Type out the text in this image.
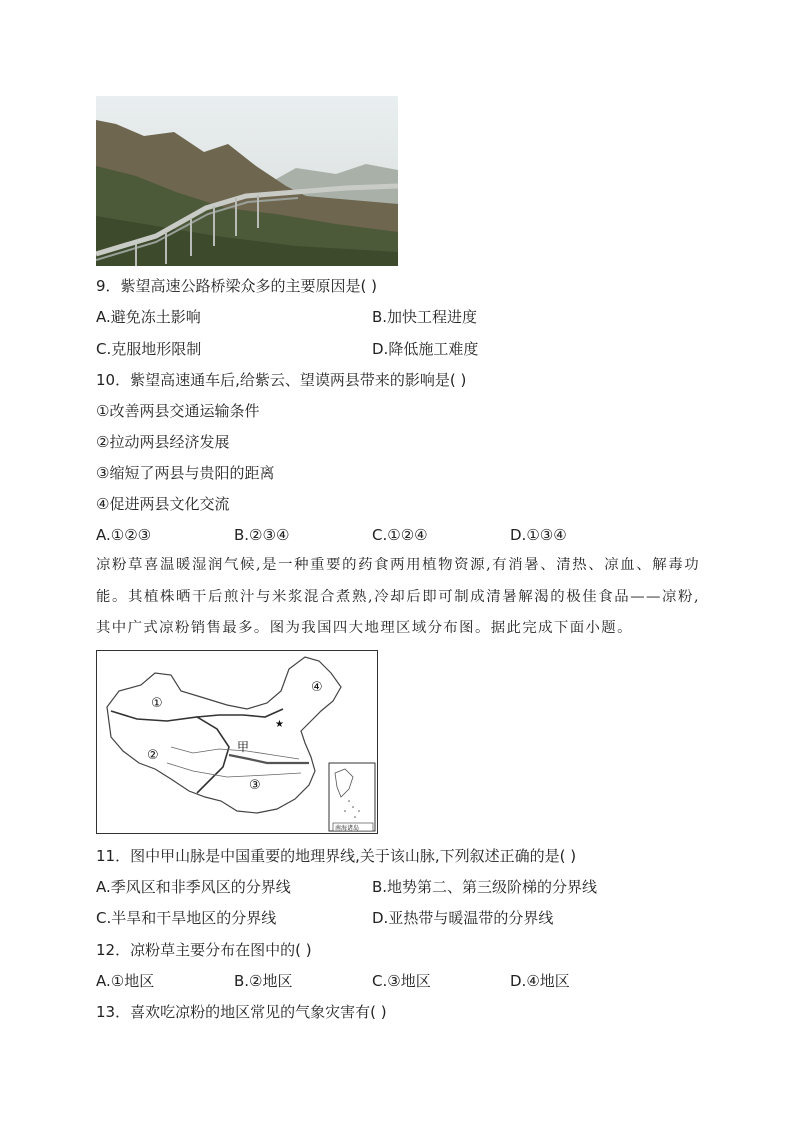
9．紫望高速公路桥梁众多的主要原因是( )
A.避免冻土影响	B.加快工程进度
C.克服地形限制	D.降低施工难度
10．紫望高速通车后,给紫云、望谟两县带来的影响是( )
①改善两县交通运输条件
②拉动两县经济发展
③缩短了两县与贵阳的距离
④促进两县文化交流
A.①②③	B.②③④	C.①②④	D.①③④
凉粉草喜温暖湿润气候,是一种重要的药食两用植物资源,有消暑、清热、凉血、解毒功能。其植株晒干后煎汁与米浆混合煮熟,冷却后即可制成清暑解渴的极佳食品——凉粉,其中广式凉粉销售最多。图为我国四大地理区域分布图。据此完成下面小题。
★
①
②
③
④
甲
南海诸岛
11．图中甲山脉是中国重要的地理界线,关于该山脉,下列叙述正确的是( )
A.季风区和非季风区的分界线	B.地势第二、第三级阶梯的分界线
C.半旱和干旱地区的分界线	D.亚热带与暖温带的分界线
12．凉粉草主要分布在图中的( )
A.①地区	B.②地区	C.③地区	D.④地区
13．喜欢吃凉粉的地区常见的气象灾害有( )
